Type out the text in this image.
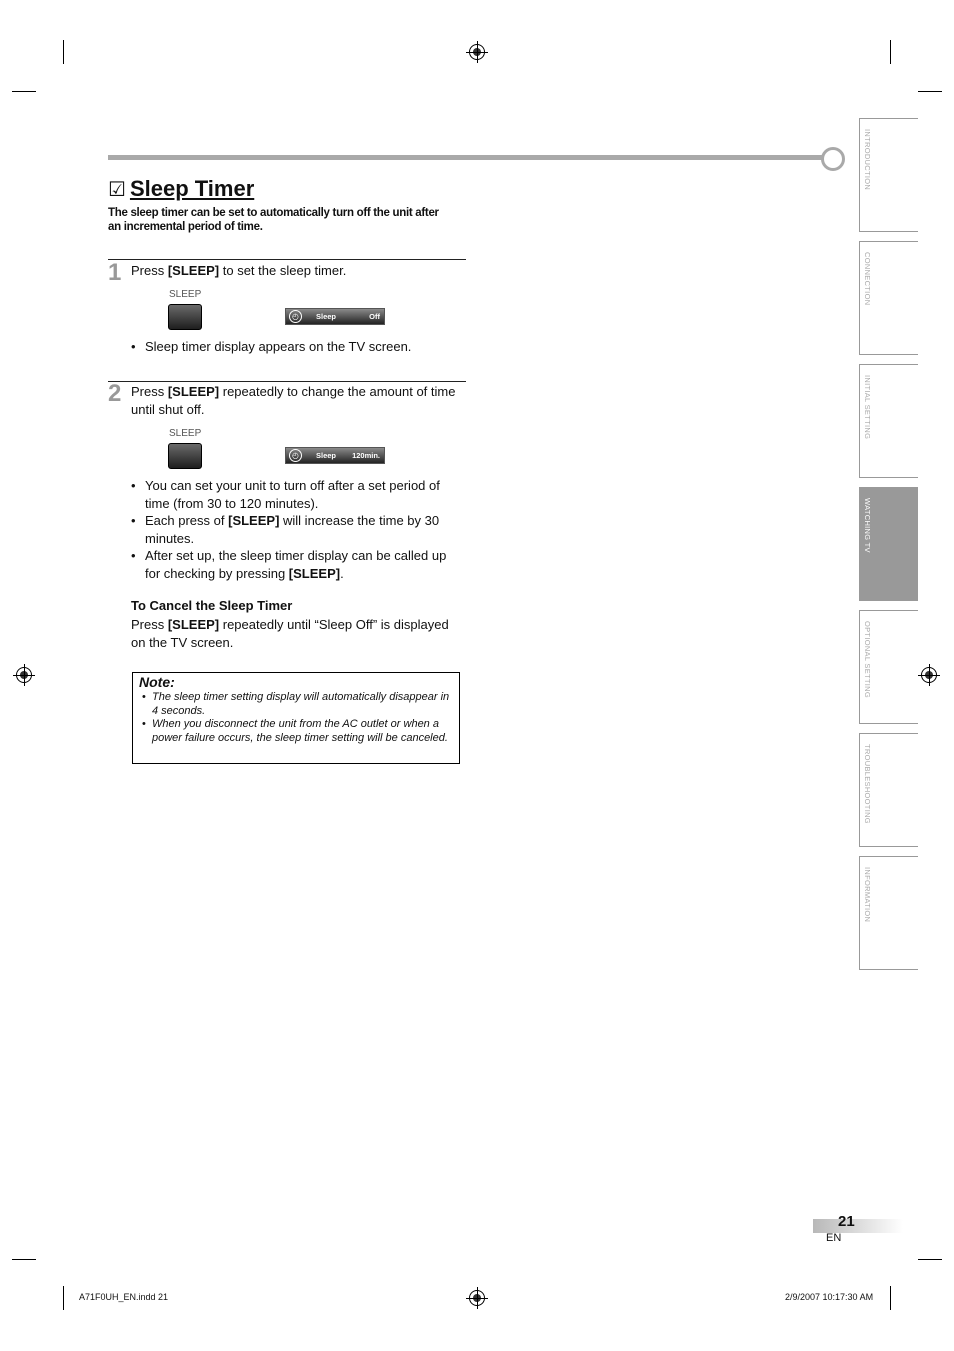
☑ Sleep Timer
The sleep timer can be set to automatically turn off the unit after an incremental period of time.
1 Press [SLEEP] to set the sleep timer.
SLEEP
◴	Sleep	Off
• Sleep timer display appears on the TV screen.
2 Press [SLEEP] repeatedly to change the amount of time until shut off.
SLEEP
◴	Sleep 120min.
• You can set your unit to turn off after a set period of time (from 30 to 120 minutes).
• Each press of [SLEEP] will increase the time by 30 minutes.
• After set up, the sleep timer display can be called up for checking by pressing [SLEEP].
To Cancel the Sleep Timer
Press [SLEEP] repeatedly until “Sleep Off” is displayed on the TV screen.
Note:
• The sleep timer setting display will automatically disappear in 4 seconds.
• When you disconnect the unit from the AC outlet or when a power failure occurs, the sleep timer setting will be canceled.
INTRODUCTION
CONNECTION
INITIAL SETTING
WATCHING TV
OPTIONAL SETTING
TROUBLESHOOTING
INFORMATION
21
EN
A71F0UH_EN.indd 21	2/9/2007 10:17:30 AM
